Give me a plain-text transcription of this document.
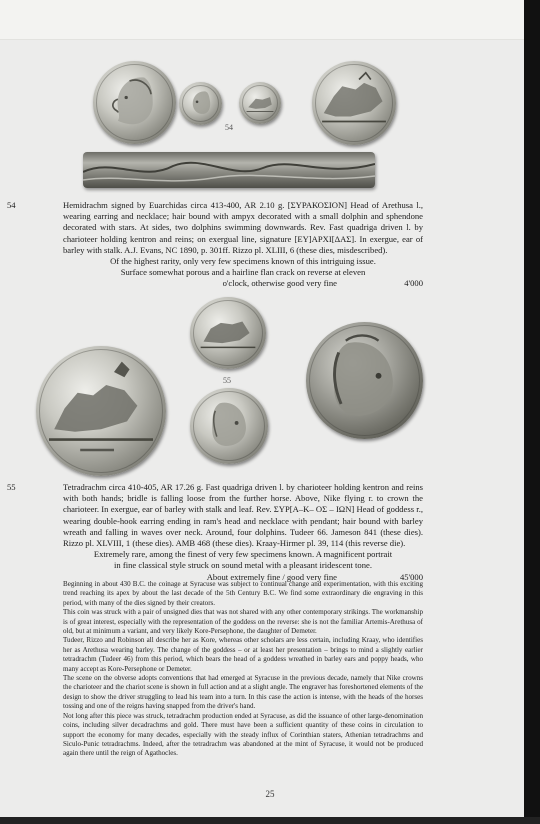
54
54	Hemidrachm signed by Euarchidas circa 413-400, AR 2.10 g. [ΣΥΡΑΚΟΣΙΟΝ] Head of Arethusa l., wearing earring and necklace; hair bound with ampyx decorated with a small dolphin and sphendone decorated with stars. At sides, two dolphins swimming downwards. Rev. Fast quadriga driven l. by charioteer holding kentron and reins; on exergual line, signature [ΕΥ]ΑΡΧΙ[ΔΑΣ]. In exergue, ear of barley with stalk. A.J. Evans, NC 1890, p. 301ff. Rizzo pl. XLIII, 6 (these dies, misdescribed).

Of the highest rarity, only very few specimens known of this intriguing issue.

Surface somewhat porous and a hairline flan crack on reverse at eleven

o'clock, otherwise good very fine	4'000
55
55	Tetradrachm circa 410-405, AR 17.26 g. Fast quadriga driven l. by charioteer holding kentron and reins with both hands; bridle is falling loose from the further horse. Above, Nike flying r. to crown the charioteer. In exergue, ear of barley with stalk and leaf. Rev. ΣΥΡ[Α–Κ– ΟΣ – ΙΩΝ] Head of goddess r., wearing double-hook earring ending in ram's head and necklace with pendant; hair bound with barley wreath and falling in waves over neck. Around, four dolphins. Tudeer 66. Jameson 841 (these dies). Rizzo pl. XLVIII, 1 (these dies). AMB 468 (these dies). Kraay-Hirmer pl. 39, 114 (this reverse die).

Extremely rare, among the finest of very few specimens known. A magnificent portrait

in fine classical style struck on sound metal with a pleasant iridescent tone.

About extremely fine / good very fine	45'000

Beginning in about 430 B.C. the coinage at Syracuse was subject to continual change and experimentation, with this exciting trend reaching its apex by about the last decade of the 5th Century B.C. We find some extraordinary die engraving in this period, with many of the dies signed by their creators.

This coin was struck with a pair of unsigned dies that was not shared with any other contemporary strikings. The workmanship is of great interest, especially with the representation of the goddess on the reverse: she is not the familiar Artemis-Arethusa of old, but at minimum a variant, and very likely Kore-Persephone, the daughter of Demeter.

Tudeer, Rizzo and Robinson all describe her as Kore, whereas other scholars are less certain, including Kraay, who identifies her as Arethusa wearing barley. The change of the goddess – or at least her presentation – brings to mind a slightly earlier tetradrachm (Tudeer 46) from this period, which bears the head of a goddess wreathed in barley ears and poppy heads, who many accept as Kore-Persephone or Demeter.

The scene on the obverse adopts conventions that had emerged at Syracuse in the previous decade, namely that Nike crowns the charioteer and the chariot scene is shown in full action and at a slight angle. The engraver has foreshortened elements of the design to show the driver struggling to lead his team into a turn. In this case the action is intense, with the heads of the horses tossing and one of the reigns having snapped from the driver's hand.

Not long after this piece was struck, tetradrachm production ended at Syracuse, as did the issuance of other large-denomination coins, including silver decadrachms and gold. There must have been a sufficient quantity of these coins in circulation to support the economy for many decades, especially with the steady influx of Corinthian staters, Athenian tetradrachms and Siculo-Punic tetradrachms. Indeed, after the tetradrachm was abandoned at the mint of Syracuse, it would not be produced again there until the reign of Agathocles.

25
